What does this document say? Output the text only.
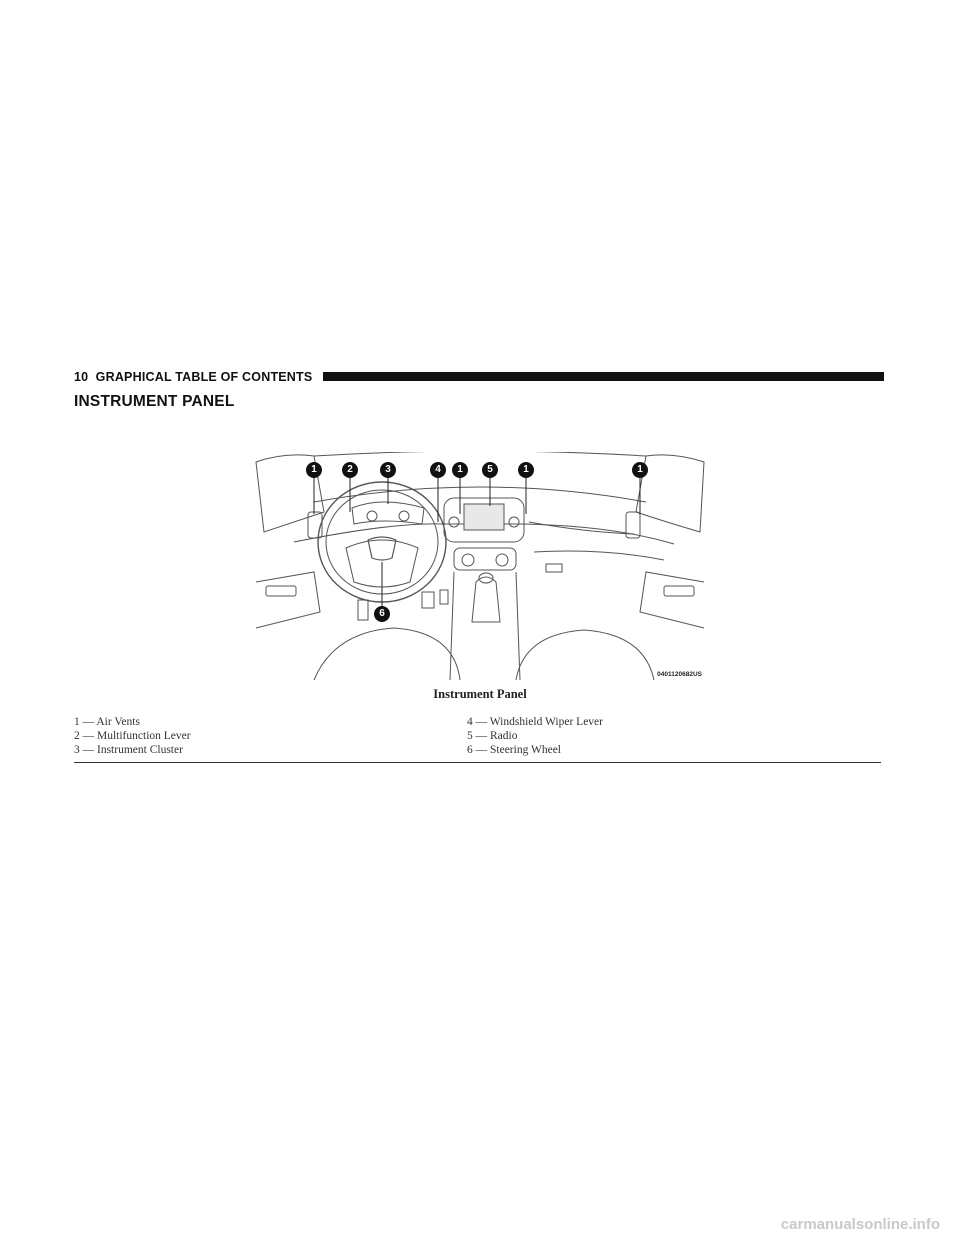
10 GRAPHICAL TABLE OF CONTENTS
INSTRUMENT PANEL
1	2	3	4	1	5	1	1
6
0401120682US
Instrument Panel
1 — Air Vents
2 — Multifunction Lever
3 — Instrument Cluster
4 — Windshield Wiper Lever
5 — Radio
6 — Steering Wheel
carmanualsonline.info
